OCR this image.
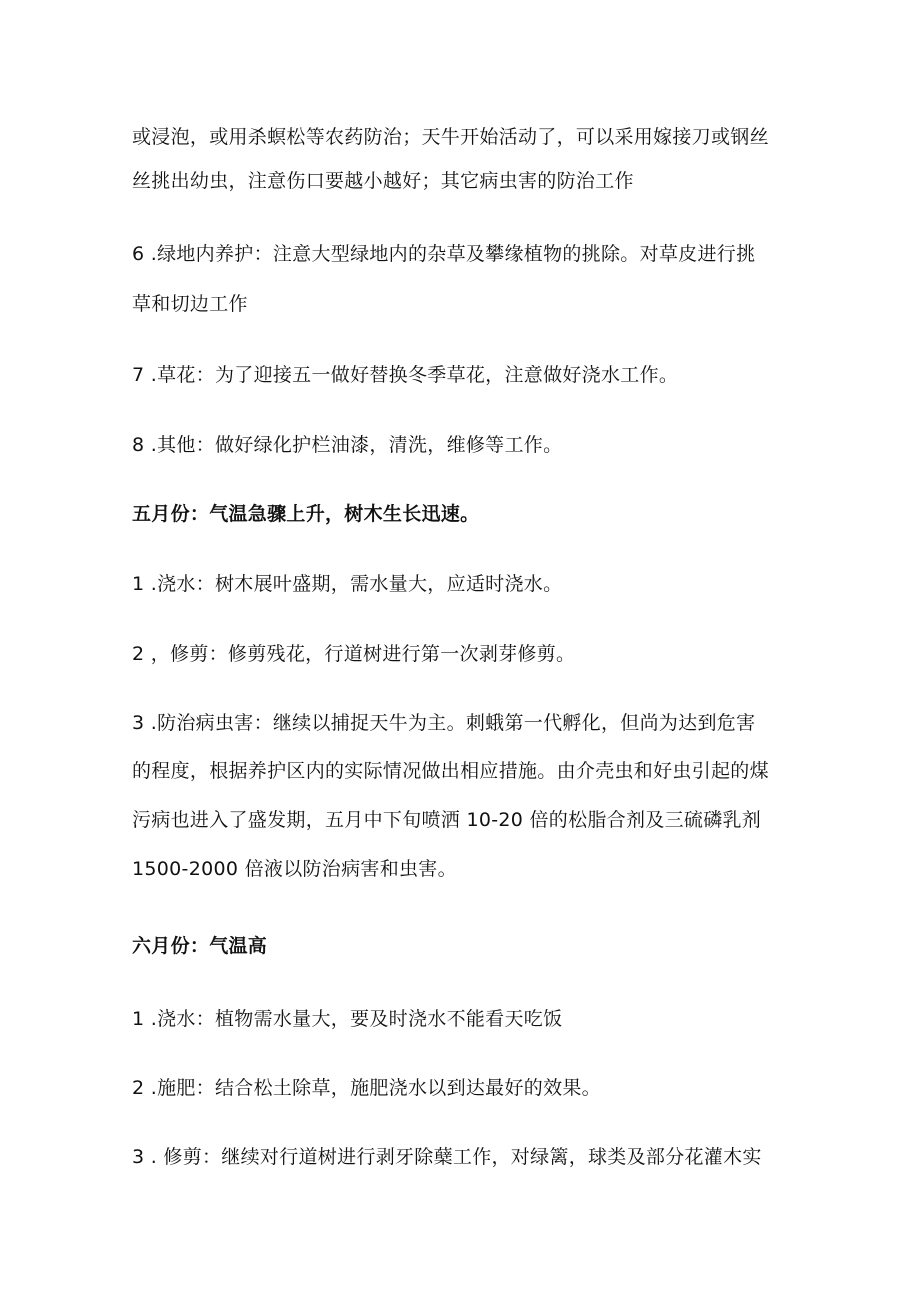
或浸泡，或用杀螟松等农药防治；天牛开始活动了，可以采用嫁接刀或钢丝
丝挑出幼虫，注意伤口要越小越好；其它病虫害的防治工作
6 .绿地内养护：注意大型绿地内的杂草及攀缘植物的挑除。对草皮进行挑
草和切边工作
7 .草花：为了迎接五一做好替换冬季草花，注意做好浇水工作。
8 .其他：做好绿化护栏油漆，清洗，维修等工作。
五月份：气温急骤上升，树木生长迅速。
1 .浇水：树木展叶盛期，需水量大，应适时浇水。
2 ，修剪：修剪残花，行道树进行第一次剥芽修剪。
3 .防治病虫害：继续以捕捉天牛为主。刺蛾第一代孵化，但尚为达到危害
的程度，根据养护区内的实际情况做出相应措施。由介壳虫和好虫引起的煤
污病也进入了盛发期，五月中下旬喷洒 10-20 倍的松脂合剂及三硫磷乳剂
1500-2000 倍液以防治病害和虫害。
六月份：气温高
1 .浇水：植物需水量大，要及时浇水不能看天吃饭
2 .施肥：结合松土除草，施肥浇水以到达最好的效果。
3 . 修剪：继续对行道树进行剥牙除蘖工作，对绿篱，球类及部分花灌木实
